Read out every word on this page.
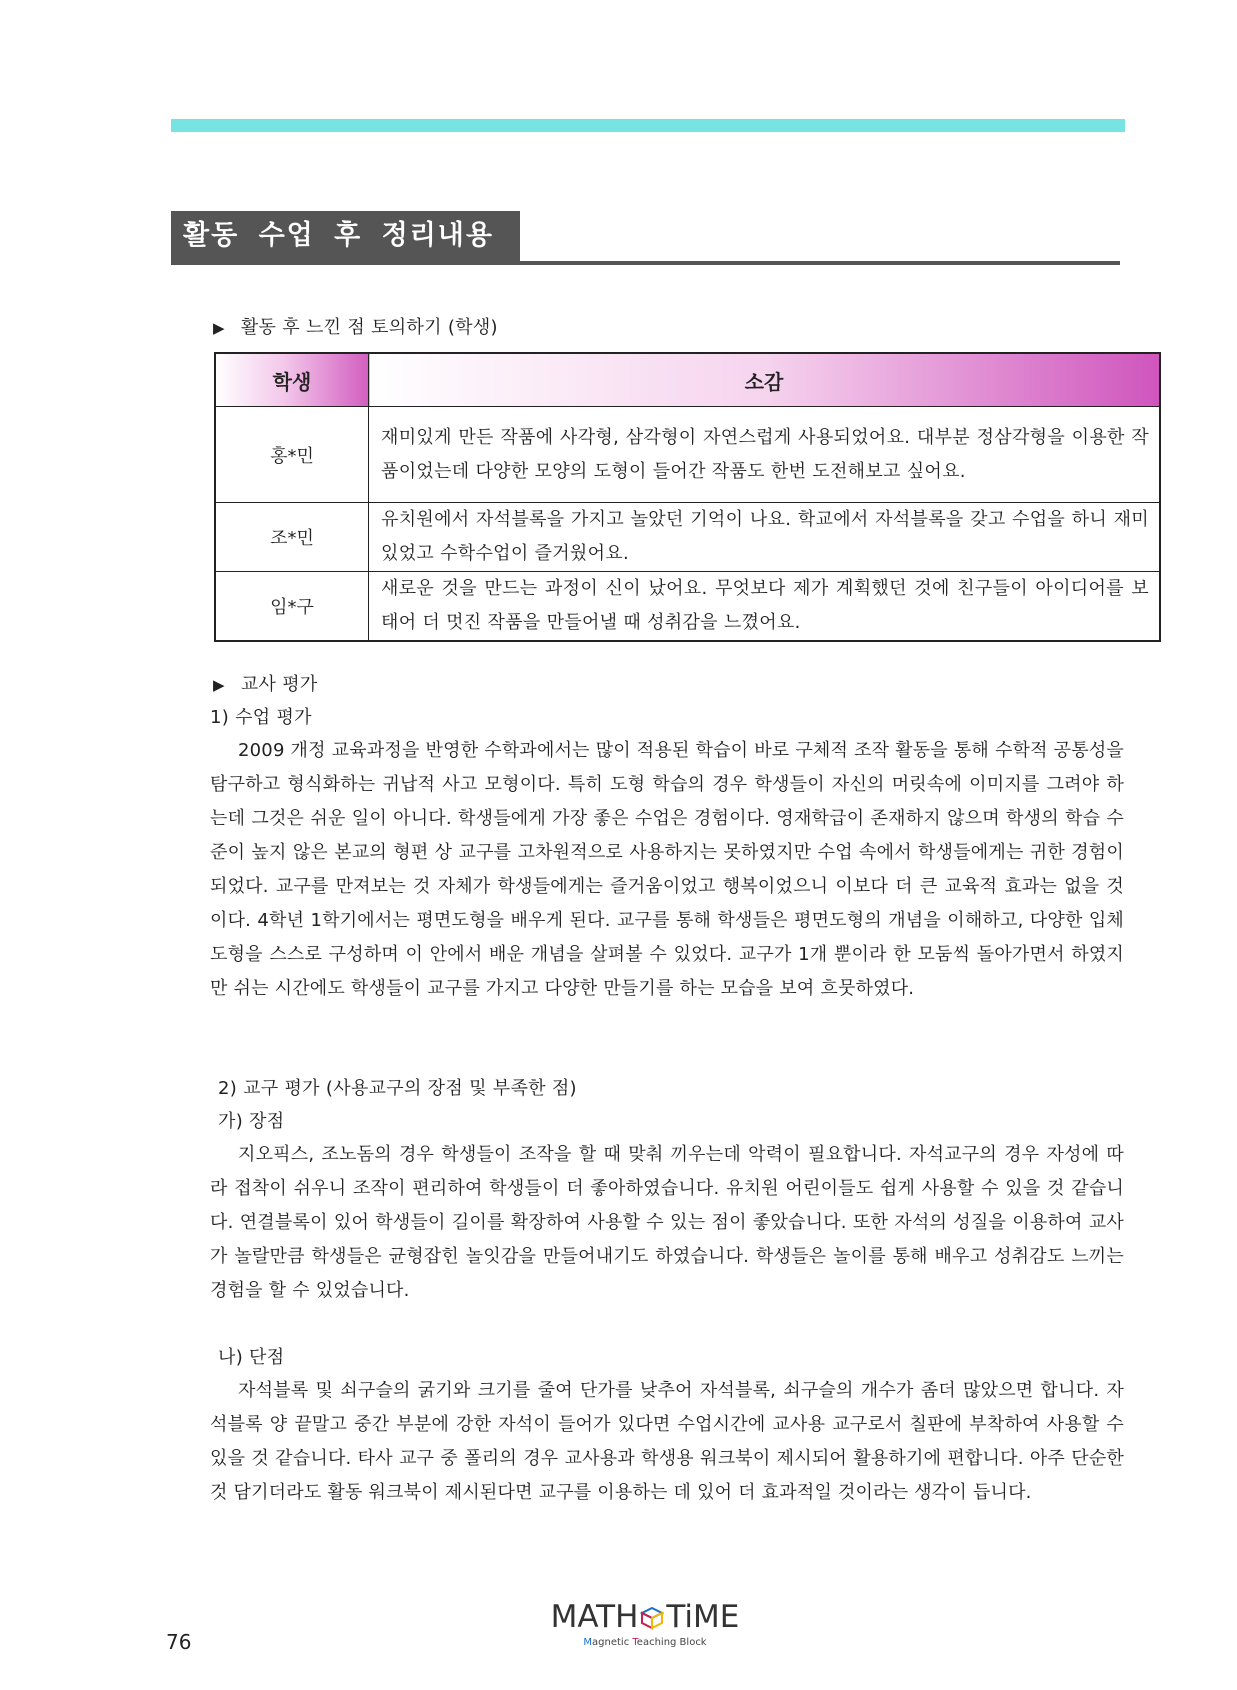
활동 수업 후 정리내용
▶ 활동 후 느낀 점 토의하기 (학생)
학생	소감
홍*민	재미있게 만든 작품에 사각형, 삼각형이 자연스럽게 사용되었어요. 대부분 정삼각형을 이용한 작품이었는데 다양한 모양의 도형이 들어간 작품도 한번 도전해보고 싶어요.
조*민	유치원에서 자석블록을 가지고 놀았던 기억이 나요. 학교에서 자석블록을 갖고 수업을 하니 재미있었고 수학수업이 즐거웠어요.
임*구	새로운 것을 만드는 과정이 신이 났어요. 무엇보다 제가 계획했던 것에 친구들이 아이디어를 보태어 더 멋진 작품을 만들어낼 때 성취감을 느꼈어요.
▶ 교사 평가
1) 수업 평가

2009 개정 교육과정을 반영한 수학과에서는 많이 적용된 학습이 바로 구체적 조작 활동을 통해 수학적 공통성을 탐구하고 형식화하는 귀납적 사고 모형이다. 특히 도형 학습의 경우 학생들이 자신의 머릿속에 이미지를 그려야 하는데 그것은 쉬운 일이 아니다. 학생들에게 가장 좋은 수업은 경험이다. 영재학급이 존재하지 않으며 학생의 학습 수준이 높지 않은 본교의 형편 상 교구를 고차원적으로 사용하지는 못하였지만 수업 속에서 학생들에게는 귀한 경험이 되었다. 교구를 만져보는 것 자체가 학생들에게는 즐거움이었고 행복이었으니 이보다 더 큰 교육적 효과는 없을 것이다. 4학년 1학기에서는 평면도형을 배우게 된다. 교구를 통해 학생들은 평면도형의 개념을 이해하고, 다양한 입체도형을 스스로 구성하며 이 안에서 배운 개념을 살펴볼 수 있었다. 교구가 1개 뿐이라 한 모둠씩 돌아가면서 하였지만 쉬는 시간에도 학생들이 교구를 가지고 다양한 만들기를 하는 모습을 보여 흐뭇하였다.

2) 교구 평가 (사용교구의 장점 및 부족한 점)
가) 장점

지오픽스, 조노돔의 경우 학생들이 조작을 할 때 맞춰 끼우는데 악력이 필요합니다. 자석교구의 경우 자성에 따라 접착이 쉬우니 조작이 편리하여 학생들이 더 좋아하였습니다. 유치원 어린이들도 쉽게 사용할 수 있을 것 같습니다. 연결블록이 있어 학생들이 길이를 확장하여 사용할 수 있는 점이 좋았습니다. 또한 자석의 성질을 이용하여 교사가 놀랄만큼 학생들은 균형잡힌 놀잇감을 만들어내기도 하였습니다. 학생들은 놀이를 통해 배우고 성취감도 느끼는 경험을 할 수 있었습니다.

나) 단점

자석블록 및 쇠구슬의 굵기와 크기를 줄여 단가를 낮추어 자석블록, 쇠구슬의 개수가 좀더 많았으면 합니다. 자석블록 양 끝말고 중간 부분에 강한 자석이 들어가 있다면 수업시간에 교사용 교구로서 칠판에 부착하여 사용할 수 있을 것 같습니다. 타사 교구 중 폴리의 경우 교사용과 학생용 워크북이 제시되어 활용하기에 편합니다. 아주 단순한 것 담기더라도 활동 워크북이 제시된다면 교구를 이용하는 데 있어 더 효과적일 것이라는 생각이 듭니다.

MATH TiME
Magnetic Teaching Block
76
